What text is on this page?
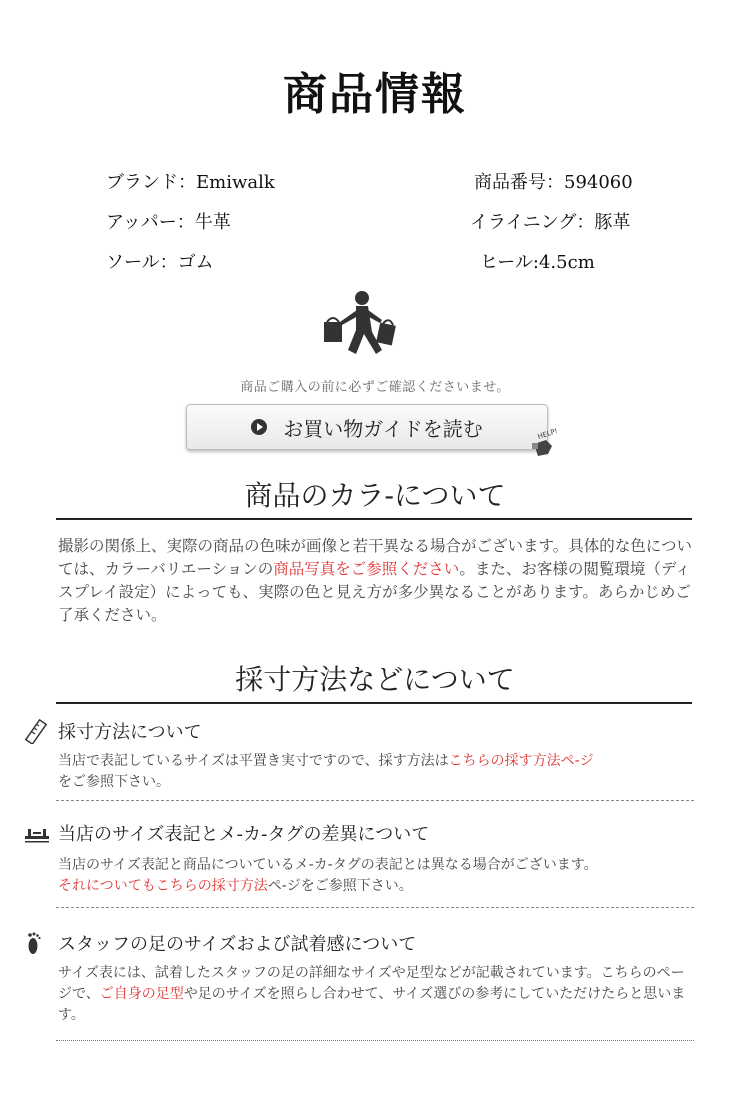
商品情報
ブランド：Emiwalk	商品番号：594060
アッパー：牛革	イライニング：豚革
ソール：ゴム	ヒール:4.5cm
商品ご購入の前に必ずご確認くださいませ。
お買い物ガイドを読む	HELP!
商品のカラ-について
撮影の関係上、実際の商品の色味が画像と若干異なる場合がございます。具体的な色については、カラーバリエーションの商品写真をご参照ください。また、お客様の閲覧環境（ディスプレイ設定）によっても、実際の色と見え方が多少異なることがあります。あらかじめご了承ください。
採寸方法などについて
採寸方法について
当店で表記しているサイズは平置き実寸ですので、採す方法はこちらの採す方法ペ-ジ
をご参照下さい。
当店のサイズ表記とメ-カ-タグの差異について
当店のサイズ表記と商品についているメ-カ-タグの表記とは異なる場合がございます。
それについてもこちらの採寸方法ペ-ジをご参照下さい。
スタッフの足のサイズおよび試着感について
サイズ表には、試着したスタッフの足の詳細なサイズや足型などが記載されています。こちらのページで、ご自身の足型や足のサイズを照らし合わせて、サイズ選びの参考にしていただけたらと思います。
